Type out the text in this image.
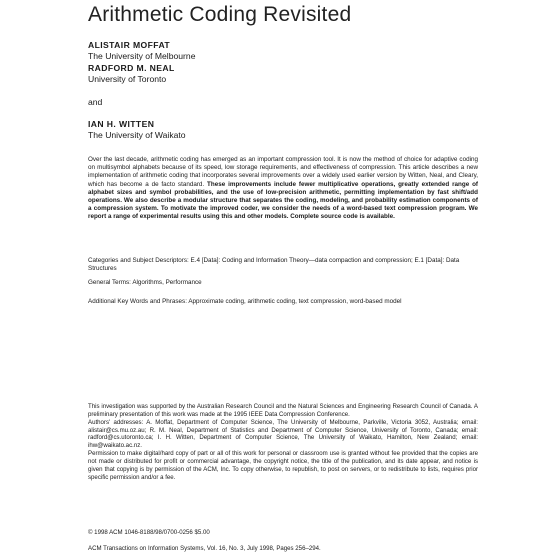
Arithmetic Coding Revisited
ALISTAIR MOFFAT
The University of Melbourne
RADFORD M. NEAL
University of Toronto
and
IAN H. WITTEN
The University of Waikato
Over the last decade, arithmetic coding has emerged as an important compression tool. It is now the method of choice for adaptive coding on multisymbol alphabets because of its speed, low storage requirements, and effectiveness of compression. This article describes a new implementation of arithmetic coding that incorporates several improvements over a widely used earlier version by Witten, Neal, and Cleary, which has become a de facto standard. These improvements include fewer multiplicative operations, greatly extended range of alphabet sizes and symbol probabilities, and the use of low-precision arithmetic, permitting implementation by fast shift/add operations. We also describe a modular structure that separates the coding, modeling, and probability estimation components of a compression system. To motivate the improved coder, we consider the needs of a word-based text compression program. We report a range of experimental results using this and other models. Complete source code is available.
Categories and Subject Descriptors: E.4 [Data]: Coding and Information Theory—data compaction and compression; E.1 [Data]: Data Structures
General Terms: Algorithms, Performance
Additional Key Words and Phrases: Approximate coding, arithmetic coding, text compression, word-based model

This investigation was supported by the Australian Research Council and the Natural Sciences and Engineering Research Council of Canada. A preliminary presentation of this work was made at the 1995 IEEE Data Compression Conference.

Authors' addresses: A. Moffat, Department of Computer Science, The University of Melbourne, Parkville, Victoria 3052, Australia; email: alistair@cs.mu.oz.au; R. M. Neal, Department of Statistics and Department of Computer Science, University of Toronto, Canada; email: radford@cs.utoronto.ca; I. H. Witten, Department of Computer Science, The University of Waikato, Hamilton, New Zealand; email: ihw@waikato.ac.nz.

Permission to make digital/hard copy of part or all of this work for personal or classroom use is granted without fee provided that the copies are not made or distributed for profit or commercial advantage, the copyright notice, the title of the publication, and its date appear, and notice is given that copying is by permission of the ACM, Inc. To copy otherwise, to republish, to post on servers, or to redistribute to lists, requires prior specific permission and/or a fee.

© 1998 ACM 1046-8188/98/0700-0256 $5.00
ACM Transactions on Information Systems, Vol. 16, No. 3, July 1998, Pages 256–294.
